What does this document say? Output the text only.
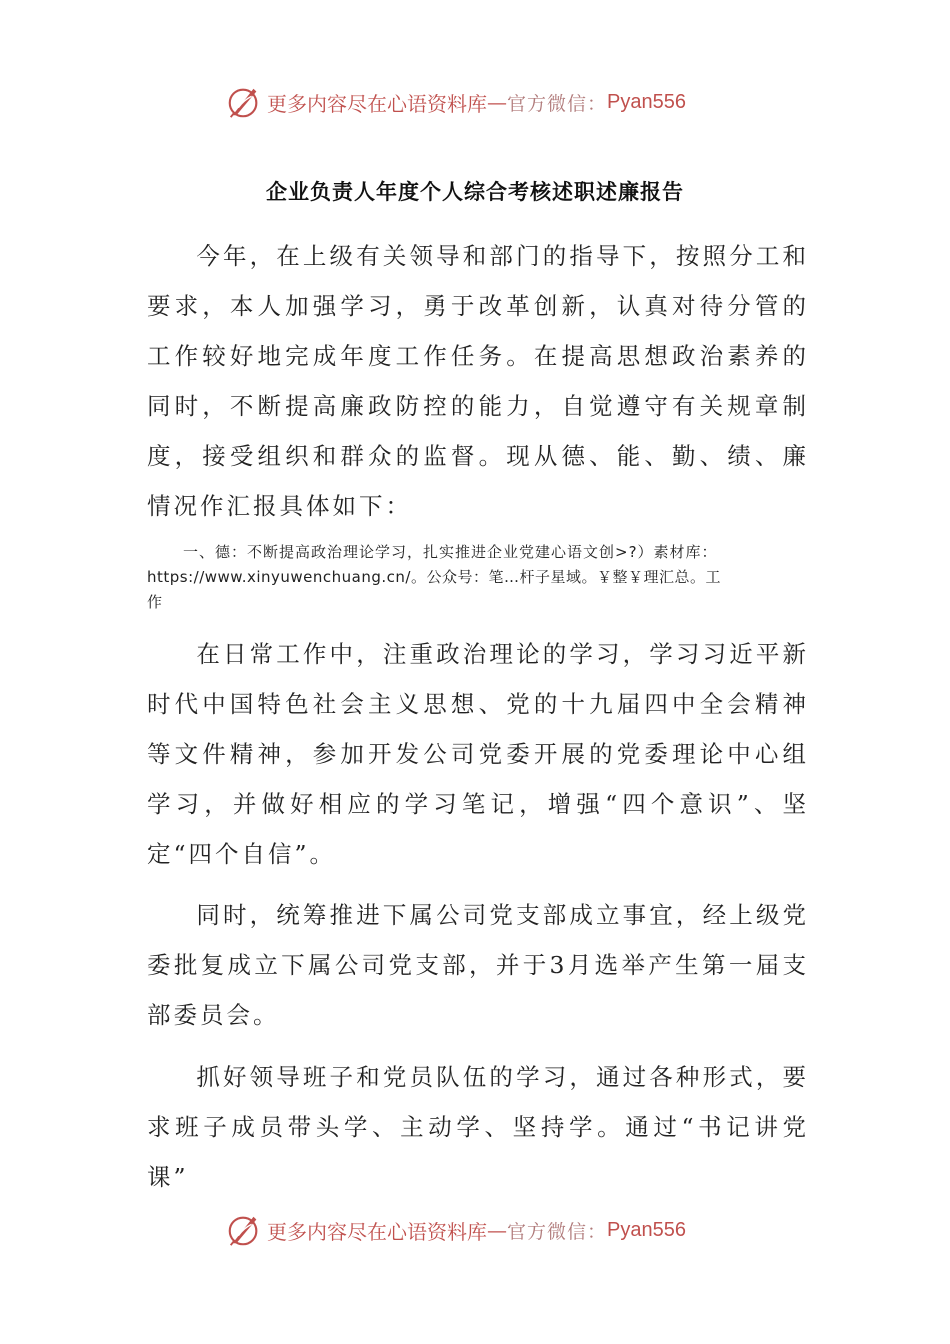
更多内容尽在心语资料库 — 官方微信： Pyan556
企业负责人年度个人综合考核述职述廉报告

今年，在上级有关领导和部门的指导下，按照分工和要求，本人加强学习，勇于改革创新，认真对待分管的工作较好地完成年度工作任务。在提高思想政治素养的同时，不断提高廉政防控的能力，自觉遵守有关规章制度，接受组织和群众的监督。现从德、能、勤、绩、廉情况作汇报具体如下：

一、德：不断提高政治理论学习，扎实推进企业党建心语文创>?）素材库：
https://www.xinyuwenchuang.cn/。公众号：笔…杆子星域。￥整￥理汇总。工
作

在日常工作中，注重政治理论的学习，学习习近平新时代中国特色社会主义思想、党的十九届四中全会精神等文件精神，参加开发公司党委开展的党委理论中心组学习，并做好相应的学习笔记，增强“四个意识”、坚定“四个自信”。

同时，统筹推进下属公司党支部成立事宜，经上级党委批复成立下属公司党支部，并于3月选举产生第一届支部委员会。

抓好领导班子和党员队伍的学习，通过各种形式，要求班子成员带头学、主动学、坚持学。通过“书记讲党课”

更多内容尽在心语资料库 — 官方微信： Pyan556
